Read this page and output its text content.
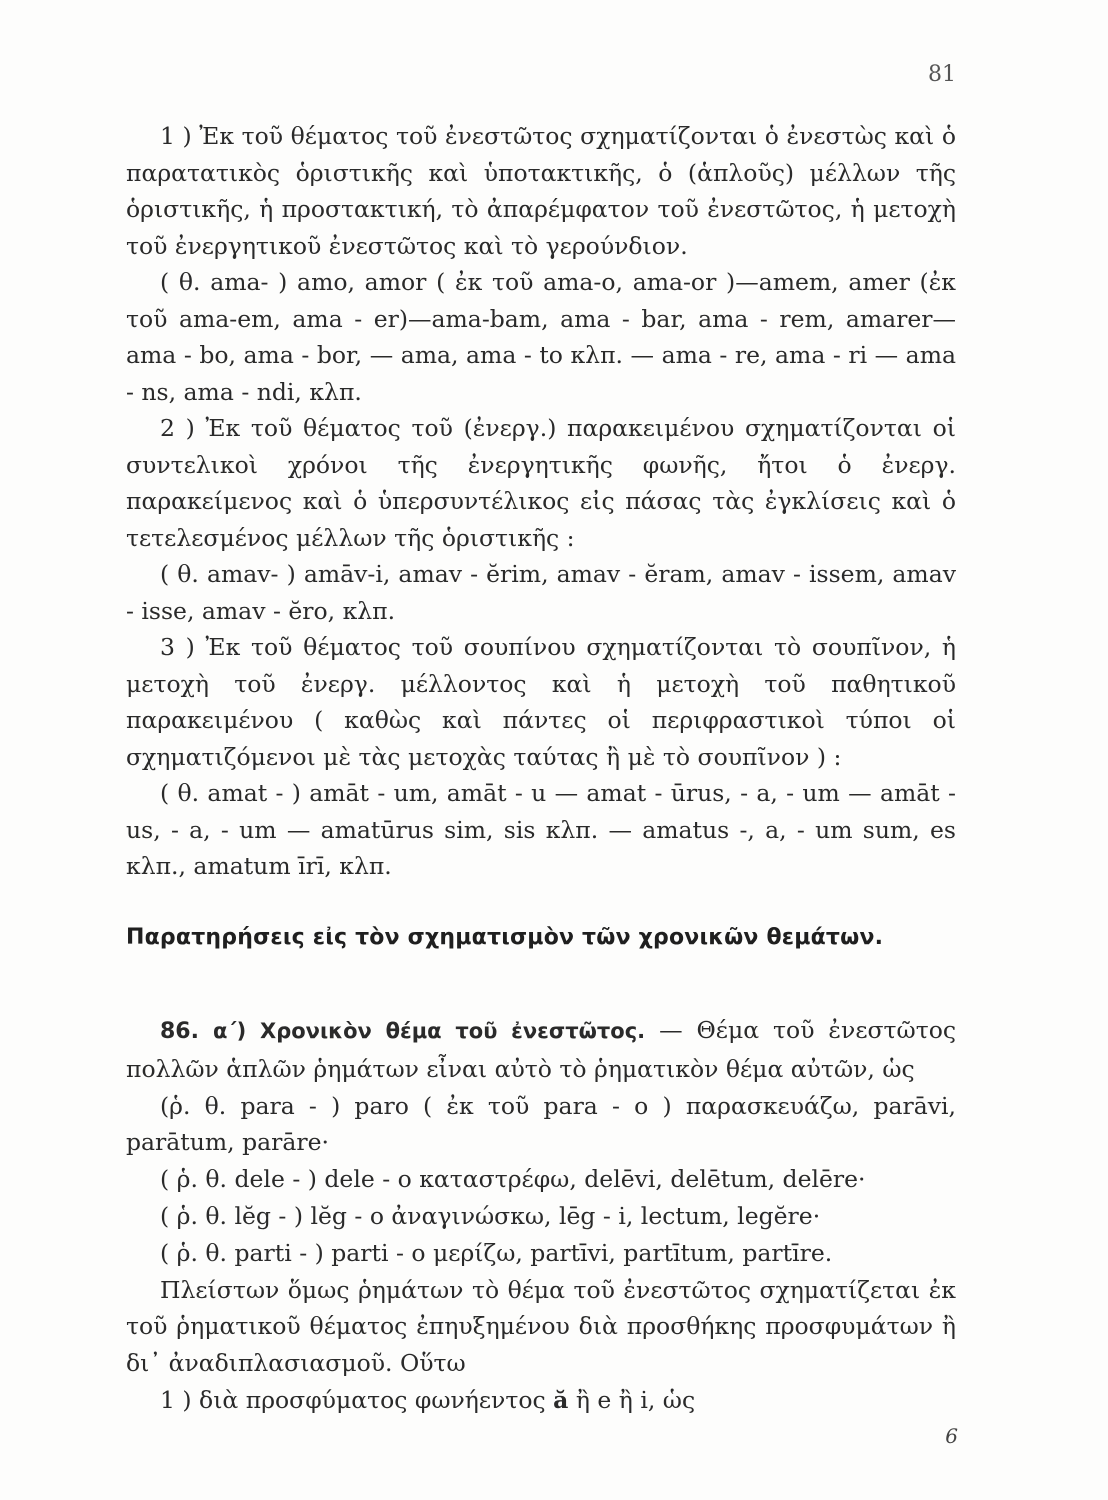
81

1 ) Ἐκ τοῦ θέματος τοῦ ἐνεστῶτος σχηματίζονται ὁ ἐνεστὼς καὶ ὁ παρατατικὸς ὁριστικῆς καὶ ὑποτακτικῆς, ὁ (ἁπλοῦς) μέλλων τῆς ὁριστικῆς, ἡ προστακτική, τὸ ἀπαρέμφατον τοῦ ἐνεστῶτος, ἡ μετοχὴ τοῦ ἐνεργητικοῦ ἐνεστῶτος καὶ τὸ γερούνδιον.

( θ. ama- ) amo, amor ( ἐκ τοῦ ama-o, ama-or )—amem, amer (ἐκ τοῦ ama-em, ama - er)—ama-bam, ama - bar, ama - rem, amarer—ama - bo, ama - bor, — ama, ama - to κλπ. — ama - re, ama - ri — ama - ns, ama - ndi, κλπ.

2 ) Ἐκ τοῦ θέματος τοῦ (ἐνεργ.) παρακειμένου σχηματίζονται οἱ συντελικοὶ χρόνοι τῆς ἐνεργητικῆς φωνῆς, ἤτοι ὁ ἐνεργ. παρακείμενος καὶ ὁ ὑπερσυντέλικος εἰς πάσας τὰς ἐγκλίσεις καὶ ὁ τετελεσμένος μέλλων τῆς ὁριστικῆς :

( θ. amav- ) amāv-i, amav - ĕrim, amav - ĕram, amav - issem, amav - isse, amav - ĕro, κλπ.

3 ) Ἐκ τοῦ θέματος τοῦ σουπίνου σχηματίζονται τὸ σουπῖνον, ἡ μετοχὴ τοῦ ἐνεργ. μέλλοντος καὶ ἡ μετοχὴ τοῦ παθητικοῦ παρακειμένου ( καθὼς καὶ πάντες οἱ περιφραστικοὶ τύποι οἱ σχηματιζόμενοι μὲ τὰς μετοχὰς ταύτας ἢ μὲ τὸ σουπῖνον ) :

( θ. amat - ) amāt - um, amāt - u — amat - ūrus, - a, - um — amāt - us, - a, - um — amatūrus sim, sis κλπ. — amatus -, a, - um sum, es κλπ., amatum īrī, κλπ.

Παρατηρήσεις εἰς τὸν σχηματισμὸν τῶν χρονικῶν θεμάτων.

86. α΄) Χρονικὸν θέμα τοῦ ἐνεστῶτος. — Θέμα τοῦ ἐνεστῶτος πολλῶν ἁπλῶν ῥημάτων εἶναι αὐτὸ τὸ ῥηματικὸν θέμα αὐτῶν, ὡς

(ῥ. θ. para - ) paro ( ἐκ τοῦ para - o ) παρασκευάζω, parāvi, parātum, parāre·

( ῥ. θ. dele - ) dele - o καταστρέφω, delēvi, delētum, delēre·

( ῥ. θ. lĕg - ) lĕg - o ἀναγινώσκω, lēg - i, lectum, legĕre·

( ῥ. θ. parti - ) parti - o μερίζω, partīvi, partītum, partīre.

Πλείστων ὅμως ῥημάτων τὸ θέμα τοῦ ἐνεστῶτος σχηματίζεται ἐκ τοῦ ῥηματικοῦ θέματος ἐπηυξημένου διὰ προσθήκης προσφυμάτων ἢ δι᾽ ἀναδιπλασιασμοῦ. Οὕτω

1 ) διὰ προσφύματος φωνήεντος ă ἢ e ἢ i, ὡς

6
